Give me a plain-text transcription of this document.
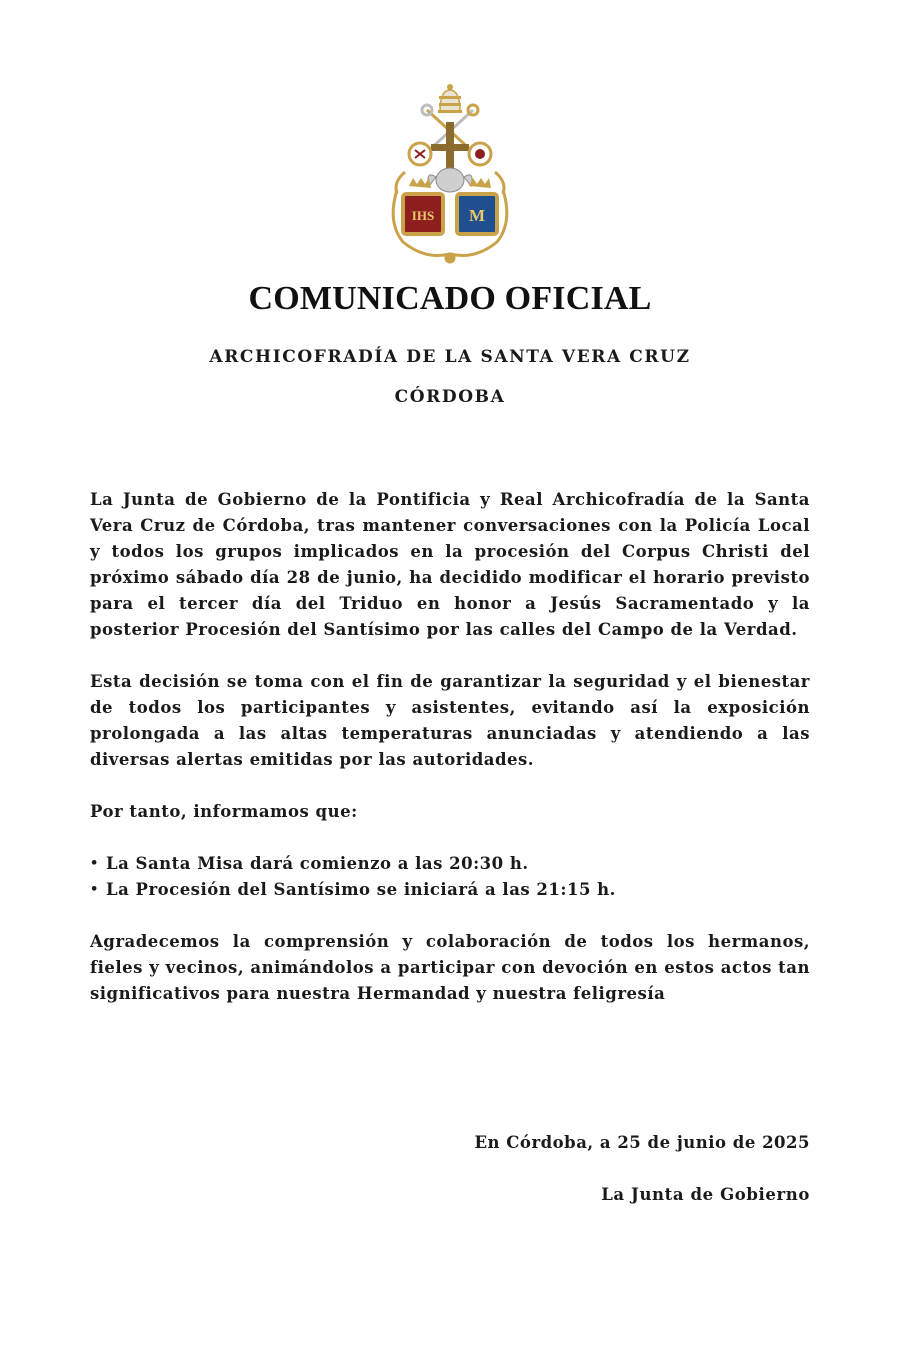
IHS M
COMUNICADO OFICIAL
ARCHICOFRADÍA DE LA SANTA VERA CRUZ
CÓRDOBA

La Junta de Gobierno de la Pontificia y Real Archicofradía de la Santa Vera Cruz de Córdoba, tras mantener conversaciones con la Policía Local y todos los grupos implicados en la procesión del Corpus Christi del próximo sábado día 28 de junio, ha decidido modificar el horario previsto para el tercer día del Triduo en honor a Jesús Sacramentado y la posterior Procesión del Santísimo por las calles del Campo de la Verdad.

Esta decisión se toma con el fin de garantizar la seguridad y el bienestar de todos los participantes y asistentes, evitando así la exposición prolongada a las altas temperaturas anunciadas y atendiendo a las diversas alertas emitidas por las autoridades.

Por tanto, informamos que:

• La Santa Misa dará comienzo a las 20:30 h.
• La Procesión del Santísimo se iniciará a las 21:15 h.

Agradecemos la comprensión y colaboración de todos los hermanos, fieles y vecinos, animándolos a participar con devoción en estos actos tan significativos para nuestra Hermandad y nuestra feligresía

En Córdoba, a 25 de junio de 2025
La Junta de Gobierno
